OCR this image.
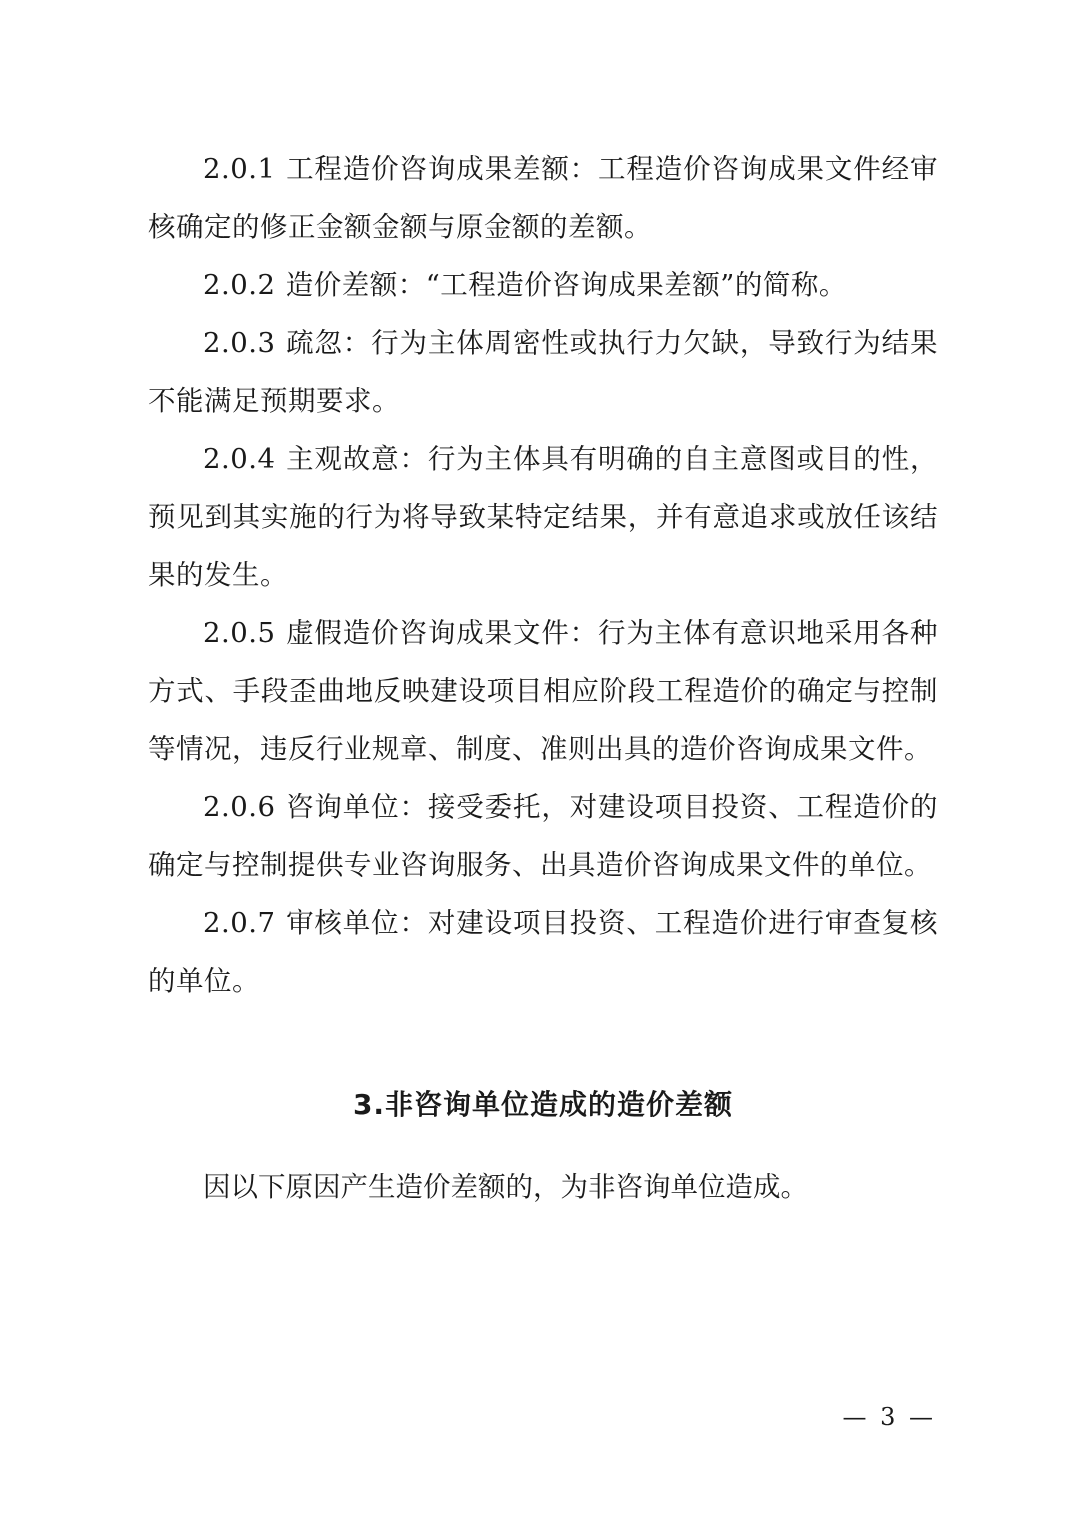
2.0.1 工程造价咨询成果差额：工程造价咨询成果文件经审核确定的修正金额金额与原金额的差额。

2.0.2 造价差额：“工程造价咨询成果差额”的简称。

2.0.3 疏忽：行为主体周密性或执行力欠缺，导致行为结果不能满足预期要求。

2.0.4 主观故意：行为主体具有明确的自主意图或目的性，预见到其实施的行为将导致某特定结果，并有意追求或放任该结果的发生。

2.0.5 虚假造价咨询成果文件：行为主体有意识地采用各种方式、手段歪曲地反映建设项目相应阶段工程造价的确定与控制等情况，违反行业规章、制度、准则出具的造价咨询成果文件。

2.0.6 咨询单位：接受委托，对建设项目投资、工程造价的确定与控制提供专业咨询服务、出具造价咨询成果文件的单位。

2.0.7 审核单位：对建设项目投资、工程造价进行审查复核的单位。

3.非咨询单位造成的造价差额

因以下原因产生造价差额的，为非咨询单位造成。

— 3 —
